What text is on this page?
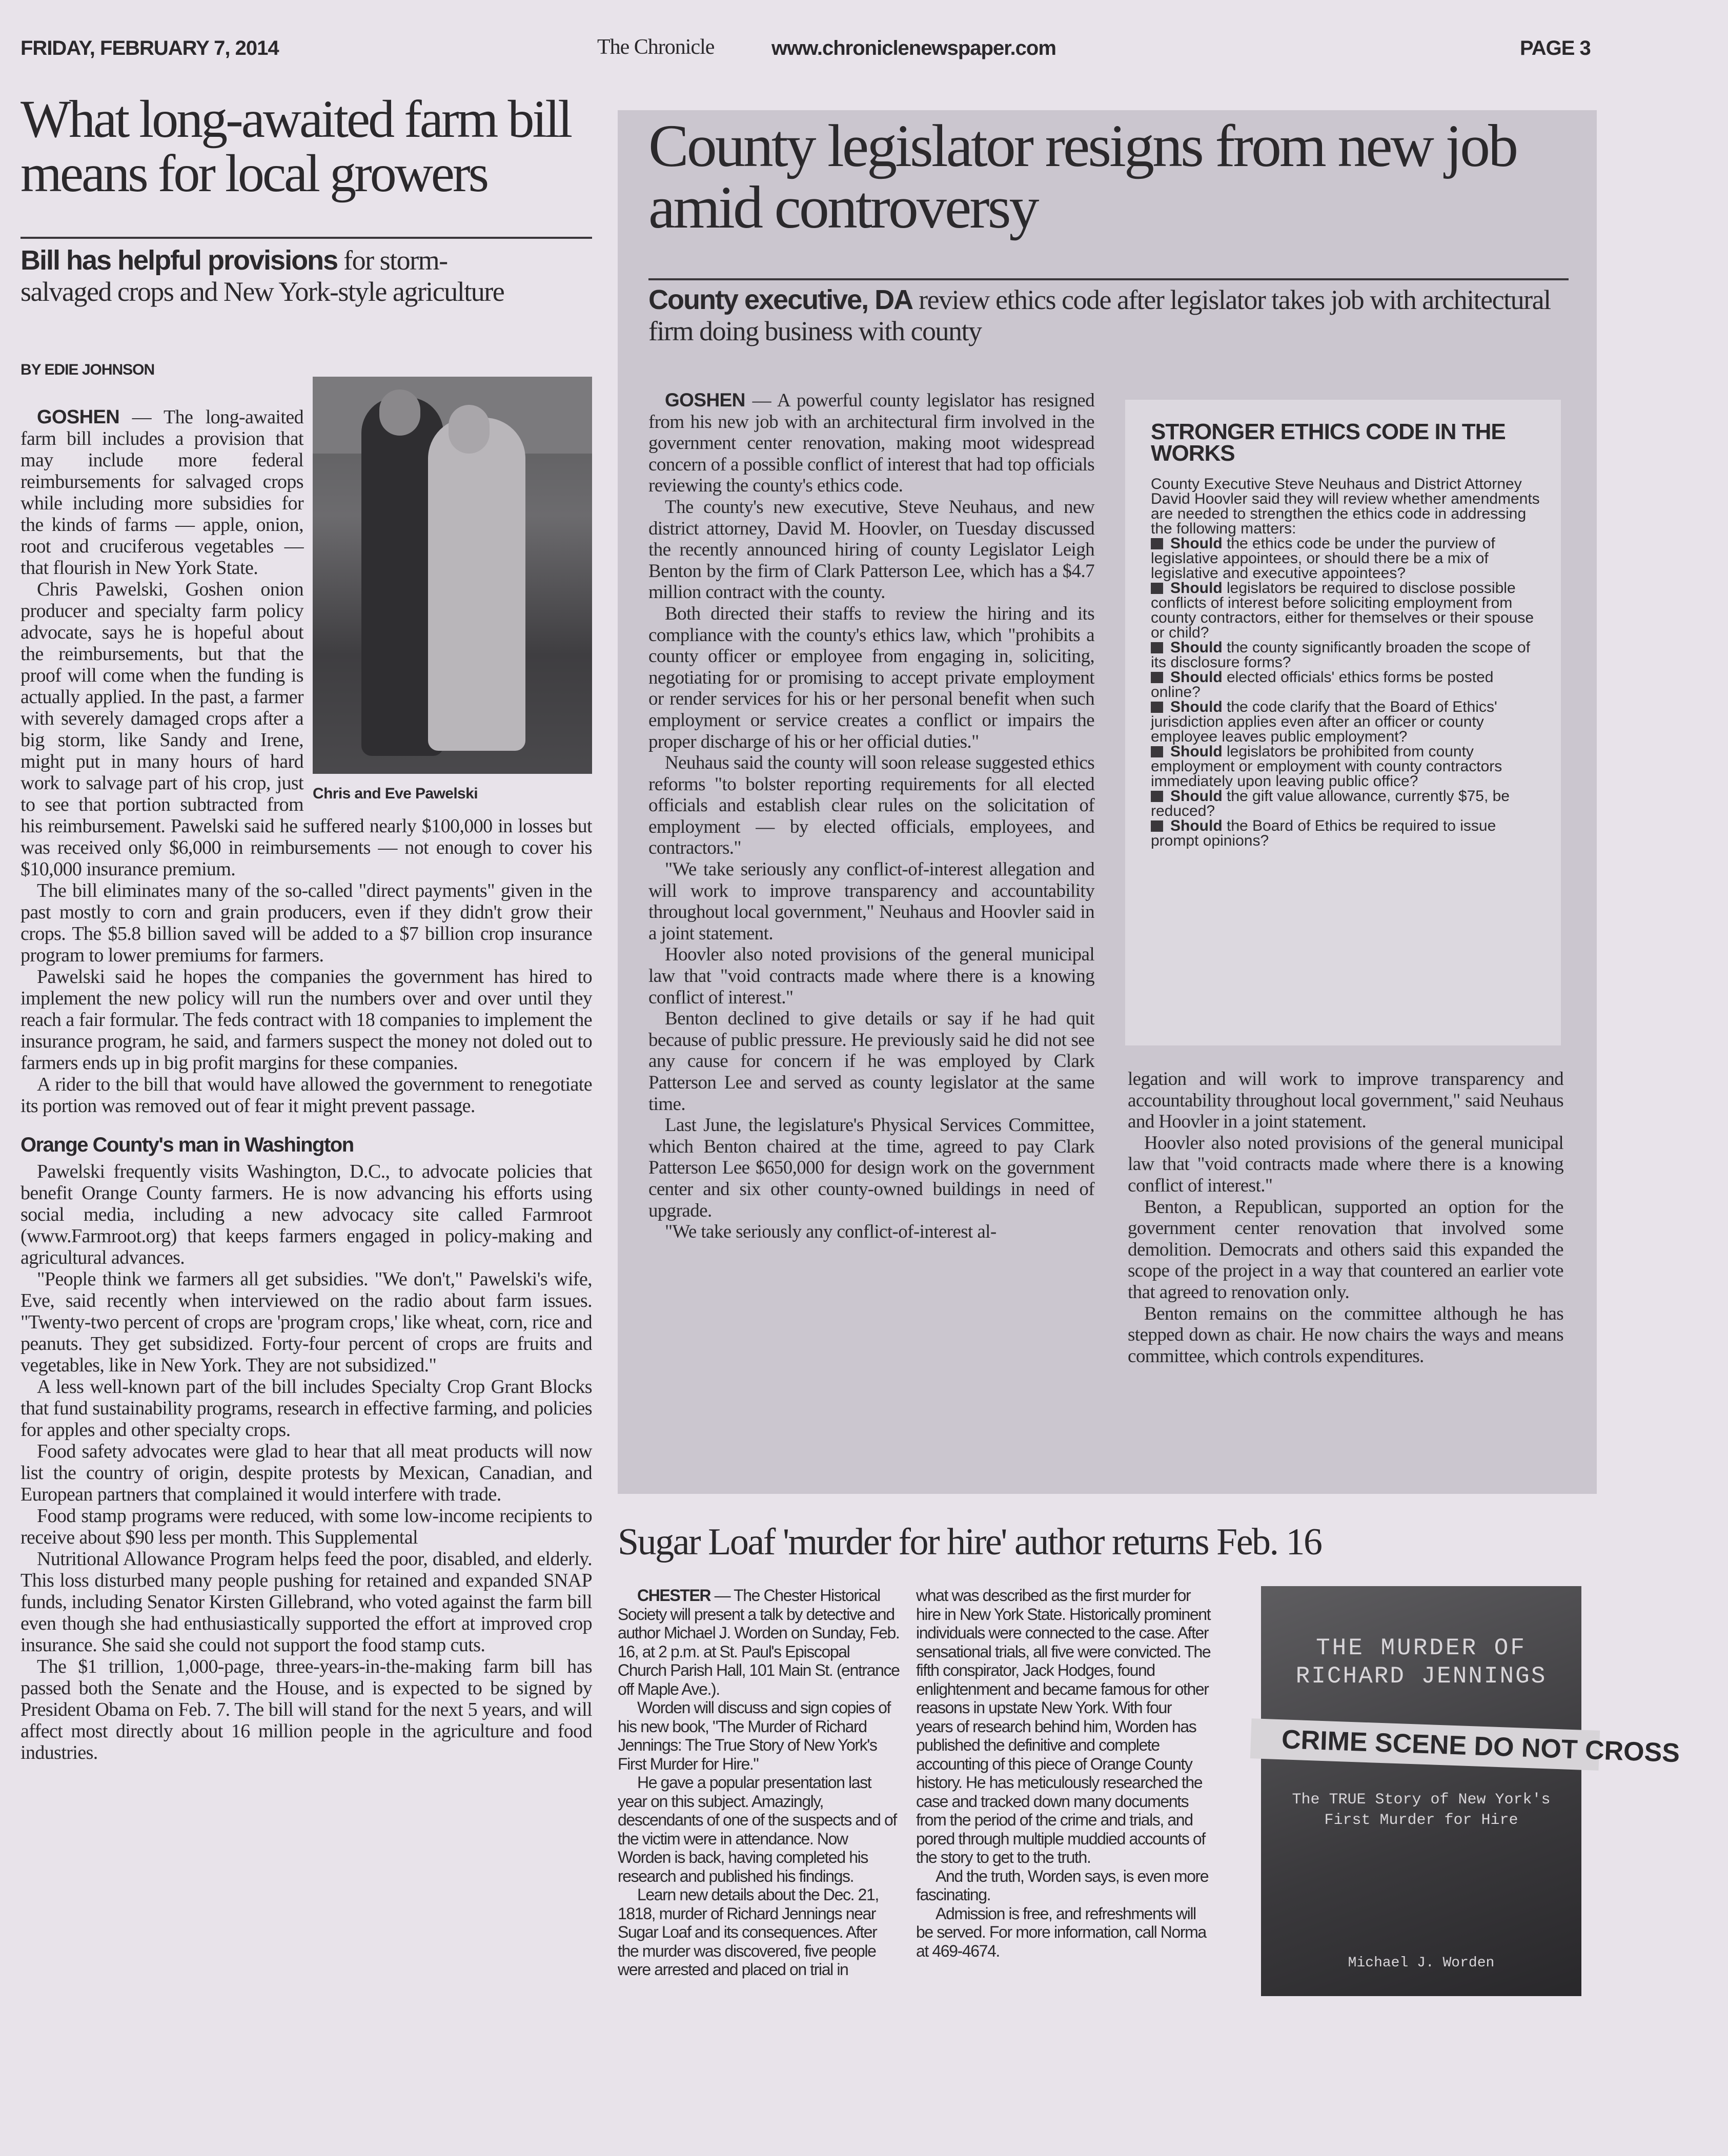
FRIDAY, FEBRUARY 7, 2014	The Chronicle	www.chroniclenewspaper.com	PAGE 3
What long-awaited farm bill means for local growers
Bill has helpful provisions for storm-salvaged crops and New York-style agriculture
BY EDIE JOHNSON
Chris and Eve Pawelski

GOSHEN — The long-awaited farm bill includes a provision that may include more federal reimbursements for salvaged crops while including more subsidies for the kinds of farms — apple, onion, root and cruciferous vegetables — that flourish in New York State.

Chris Pawelski, Goshen onion producer and specialty farm policy advocate, says he is hopeful about the reimbursements, but that the proof will come when the funding is actually applied. In the past, a farmer with severely damaged crops after a big storm, like Sandy and Irene, might put in many hours of hard work to salvage part of his crop, just to see that portion subtracted from his reimbursement. Pawelski said he suffered nearly $100,000 in losses but was received only $6,000 in reimbursements — not enough to cover his $10,000 insurance premium.

The bill eliminates many of the so-called "direct payments" given in the past mostly to corn and grain producers, even if they didn't grow their crops. The $5.8 billion saved will be added to a $7 billion crop insurance program to lower premiums for farmers.

Pawelski said he hopes the companies the government has hired to implement the new policy will run the numbers over and over until they reach a fair formular. The feds contract with 18 companies to implement the insurance program, he said, and farmers suspect the money not doled out to farmers ends up in big profit margins for these companies.

A rider to the bill that would have allowed the government to renegotiate its portion was removed out of fear it might prevent passage.

Orange County's man in Washington

Pawelski frequently visits Washington, D.C., to advocate policies that benefit Orange County farmers. He is now advancing his efforts using social media, including a new advocacy site called Farmroot (www.Farmroot.org) that keeps farmers engaged in policy-making and agricultural advances.

"People think we farmers all get subsidies. "We don't," Pawelski's wife, Eve, said recently when interviewed on the radio about farm issues. "Twenty-two percent of crops are 'program crops,' like wheat, corn, rice and peanuts. They get subsidized. Forty-four percent of crops are fruits and vegetables, like in New York. They are not subsidized."

A less well-known part of the bill includes Specialty Crop Grant Blocks that fund sustainability programs, research in effective farming, and policies for apples and other specialty crops.

Food safety advocates were glad to hear that all meat products will now list the country of origin, despite protests by Mexican, Canadian, and European partners that complained it would interfere with trade.

Food stamp programs were reduced, with some low-income recipients to receive about $90 less per month. This Supplemental

Nutritional Allowance Program helps feed the poor, disabled, and elderly. This loss disturbed many people pushing for retained and expanded SNAP funds, including Senator Kirsten Gillebrand, who voted against the farm bill even though she had enthusiastically supported the effort at improved crop insurance. She said she could not support the food stamp cuts.

The $1 trillion, 1,000-page, three-years-in-the-making farm bill has passed both the Senate and the House, and is expected to be signed by President Obama on Feb. 7. The bill will stand for the next 5 years, and will affect most directly about 16 million people in the agriculture and food industries.

County legislator resigns from new job amid controversy
County executive, DA review ethics code after legislator takes job with architectural firm doing business with county

GOSHEN — A powerful county legislator has resigned from his new job with an architectural firm involved in the government center renovation, making moot widespread concern of a possible conflict of interest that had top officials reviewing the county's ethics code.

The county's new executive, Steve Neuhaus, and new district attorney, David M. Hoovler, on Tuesday discussed the recently announced hiring of county Legislator Leigh Benton by the firm of Clark Patterson Lee, which has a $4.7 million contract with the county.

Both directed their staffs to review the hiring and its compliance with the county's ethics law, which "prohibits a county officer or employee from engaging in, soliciting, negotiating for or promising to accept private employment or render services for his or her personal benefit when such employment or service creates a conflict or impairs the proper discharge of his or her official duties."

Neuhaus said the county will soon release suggested ethics reforms "to bolster reporting requirements for all elected officials and establish clear rules on the solicitation of employment — by elected officials, employees, and contractors."

"We take seriously any conflict-of-interest allegation and will work to improve transparency and accountability throughout local government," Neuhaus and Hoovler said in a joint statement.

Hoovler also noted provisions of the general municipal law that "void contracts made where there is a knowing conflict of interest."

Benton declined to give details or say if he had quit because of public pressure. He previously said he did not see any cause for concern if he was employed by Clark Patterson Lee and served as county legislator at the same time.

Last June, the legislature's Physical Services Committee, which Benton chaired at the time, agreed to pay Clark Patterson Lee $650,000 for design work on the government center and six other county-owned buildings in need of upgrade.

"We take seriously any conflict-of-interest al-

STRONGER ETHICS CODE IN THE WORKS

County Executive Steve Neuhaus and District Attorney David Hoovler said they will review whether amendments are needed to strengthen the ethics code in addressing the following matters:

Should the ethics code be under the purview of legislative appointees, or should there be a mix of legislative and executive appointees?

Should legislators be required to disclose possible conflicts of interest before soliciting employment from county contractors, either for themselves or their spouse or child?

Should the county significantly broaden the scope of its disclosure forms?

Should elected officials' ethics forms be posted online?

Should the code clarify that the Board of Ethics' jurisdiction applies even after an officer or county employee leaves public employment?

Should legislators be prohibited from county employment or employment with county contractors immediately upon leaving public office?

Should the gift value allowance, currently $75, be reduced?

Should the Board of Ethics be required to issue prompt opinions?

legation and will work to improve transparency and accountability throughout local government," said Neuhaus and Hoovler in a joint statement.

Hoovler also noted provisions of the general municipal law that "void contracts made where there is a knowing conflict of interest."

Benton, a Republican, supported an option for the government center renovation that involved some demolition. Democrats and others said this expanded the scope of the project in a way that countered an earlier vote that agreed to renovation only.

Benton remains on the committee although he has stepped down as chair. He now chairs the ways and means committee, which controls expenditures.

Sugar Loaf 'murder for hire' author returns Feb. 16

CHESTER — The Chester Historical Society will present a talk by detective and author Michael J. Worden on Sunday, Feb. 16, at 2 p.m. at St. Paul's Episcopal Church Parish Hall, 101 Main St. (entrance off Maple Ave.).

Worden will discuss and sign copies of his new book, "The Murder of Richard Jennings: The True Story of New York's First Murder for Hire."

He gave a popular presentation last year on this subject. Amazingly, descendants of one of the suspects and of the victim were in attendance. Now Worden is back, having completed his research and published his findings.

Learn new details about the Dec. 21, 1818, murder of Richard Jennings near Sugar Loaf and its consequences. After the murder was discovered, five people were arrested and placed on trial in

what was described as the first murder for hire in New York State. Historically prominent individuals were connected to the case. After sensational trials, all five were convicted. The fifth conspirator, Jack Hodges, found enlightenment and became famous for other reasons in upstate New York. With four years of research behind him, Worden has published the definitive and complete accounting of this piece of Orange County history. He has meticulously researched the case and tracked down many documents from the period of the crime and trials, and pored through multiple muddied accounts of the story to get to the truth.

And the truth, Worden says, is even more fascinating.

Admission is free, and refreshments will be served. For more information, call Norma at 469-4674.

THE MURDER OF
RICHARD JENNINGS
CRIME SCENE DO NOT CROSS
The TRUE Story of New York's
First Murder for Hire
Michael J. Worden
